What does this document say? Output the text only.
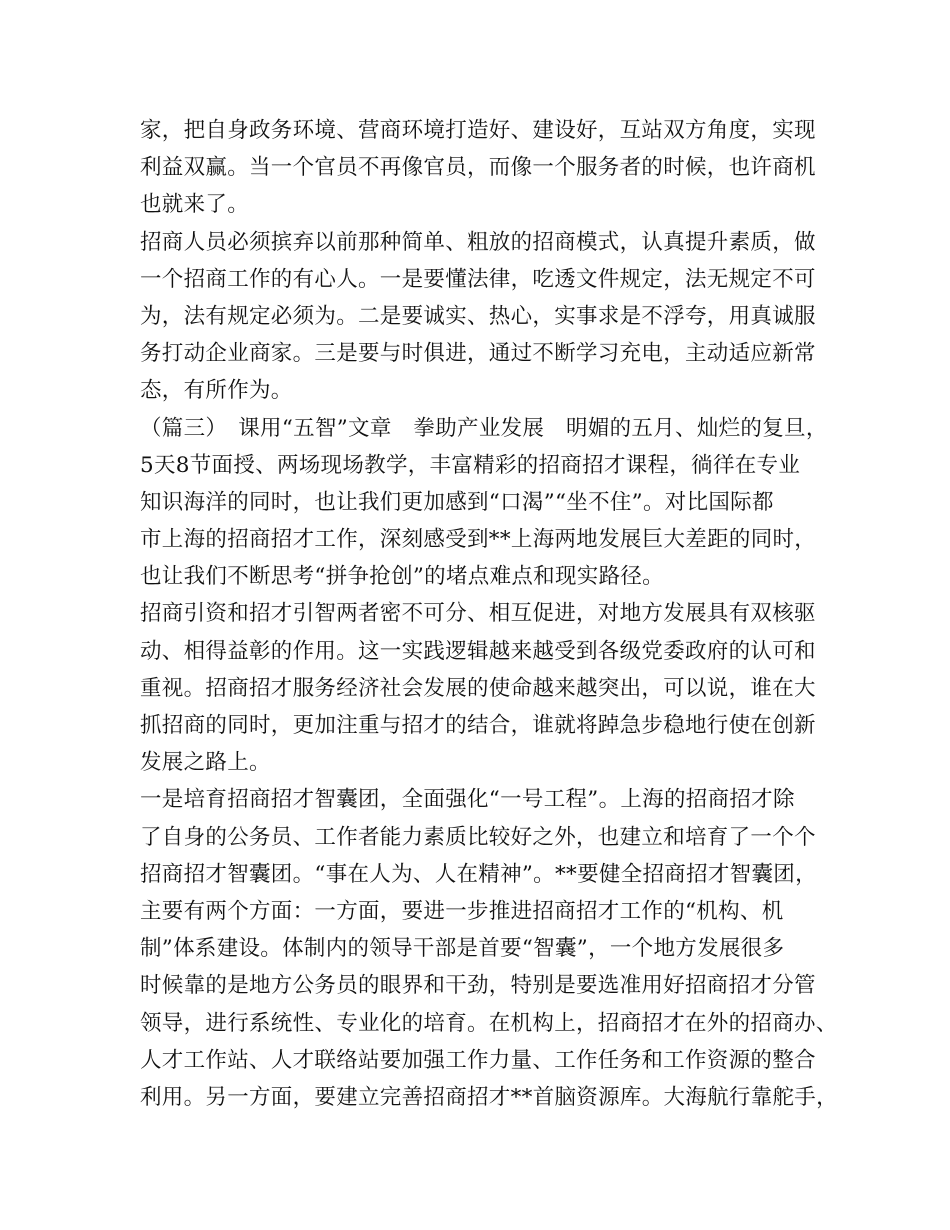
家，把自身政务环境、营商环境打造好、建设好，互站双方角度，实现
利益双赢。当一个官员不再像官员，而像一个服务者的时候，也许商机
也就来了。
招商人员必须摈弃以前那种简单、粗放的招商模式，认真提升素质，做
一个招商工作的有心人。一是要懂法律，吃透文件规定，法无规定不可
为，法有规定必须为。二是要诚实、热心，实事求是不浮夸，用真诚服
务打动企业商家。三是要与时俱进，通过不断学习充电，主动适应新常
态，有所作为。
（篇三）　课用“五智”文章　拳助产业发展　明媚的五月、灿烂的复旦，
5天8节面授、两场现场教学，丰富精彩的招商招才课程，徜徉在专业
知识海洋的同时，也让我们更加感到“口渴”“坐不住”。对比国际都
市上海的招商招才工作，深刻感受到**上海两地发展巨大差距的同时，
也让我们不断思考“拼争抢创”的堵点难点和现实路径。
招商引资和招才引智两者密不可分、相互促进，对地方发展具有双核驱
动、相得益彰的作用。这一实践逻辑越来越受到各级党委政府的认可和
重视。招商招才服务经济社会发展的使命越来越突出，可以说，谁在大
抓招商的同时，更加注重与招才的结合，谁就将踔急步稳地行使在创新
发展之路上。
一是培育招商招才智囊团，全面强化“一号工程”。上海的招商招才除
了自身的公务员、工作者能力素质比较好之外，也建立和培育了一个个
招商招才智囊团。“事在人为、人在精神”。**要健全招商招才智囊团，
主要有两个方面：一方面，要进一步推进招商招才工作的“机构、机
制”体系建设。体制内的领导干部是首要“智囊”，一个地方发展很多
时候靠的是地方公务员的眼界和干劲，特别是要选准用好招商招才分管
领导，进行系统性、专业化的培育。在机构上，招商招才在外的招商办、
人才工作站、人才联络站要加强工作力量、工作任务和工作资源的整合
利用。另一方面，要建立完善招商招才**首脑资源库。大海航行靠舵手，
